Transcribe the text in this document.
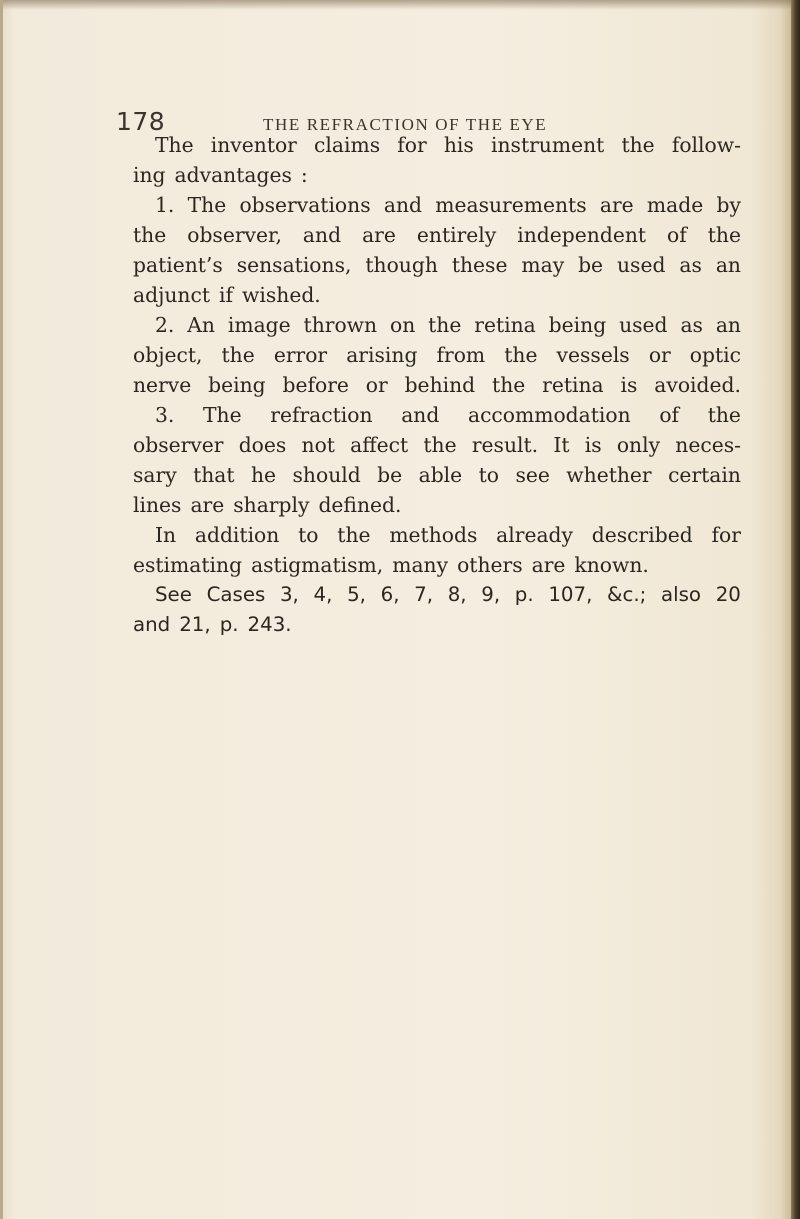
178	THE REFRACTION OF THE EYE
The inventor claims for his instrument the follow-
ing advantages :
1. The observations and measurements are made by
the observer, and are entirely independent of the
patient’s sensations, though these may be used as an
adjunct if wished.
2. An image thrown on the retina being used as an
object, the error arising from the vessels or optic
nerve being before or behind the retina is avoided.
3. The refraction and accommodation of the
observer does not affect the result. It is only neces-
sary that he should be able to see whether certain
lines are sharply defined.
In addition to the methods already described for
estimating astigmatism, many others are known.
See Cases 3, 4, 5, 6, 7, 8, 9, p. 107, &c.; also 20
and 21, p. 243.
